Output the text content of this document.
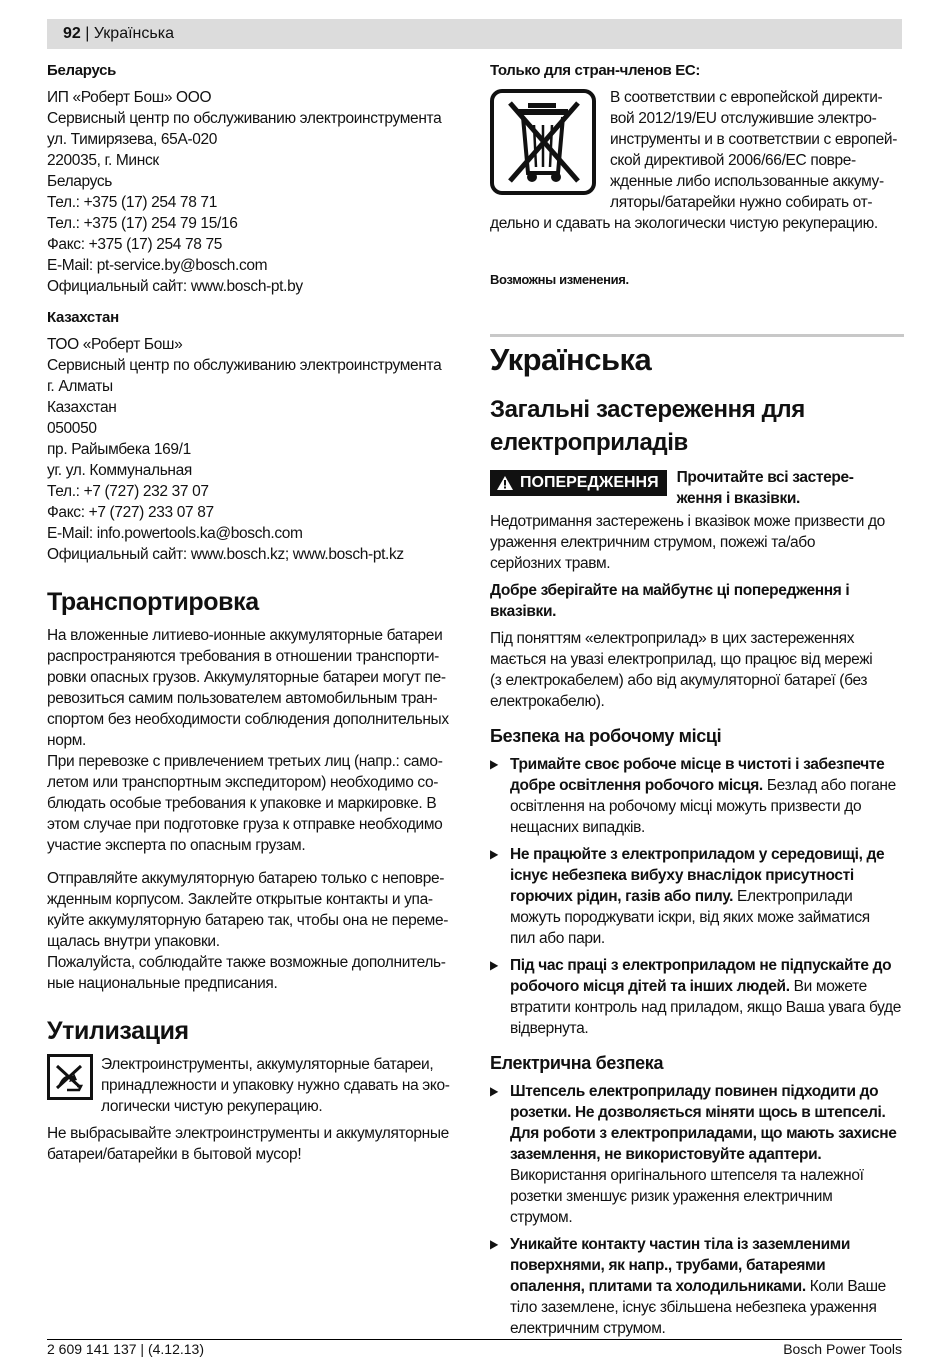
92 | Українська
Беларусь
ИП «Роберт Бош» ООО
Сервисный центр по обслуживанию электроинструмента
ул. Тимирязева, 65А-020
220035, г. Минск
Беларусь
Тел.: +375 (17) 254 78 71
Тел.: +375 (17) 254 79 15/16
Факс: +375 (17) 254 78 75
E-Mail: pt-service.by@bosch.com
Официальный сайт: www.bosch-pt.by
Казахстан
ТОО «Роберт Бош»
Сервисный центр по обслуживанию электроинструмента
г. Алматы
Казахстан
050050
пр. Райымбека 169/1
уг. ул. Коммунальная
Тел.: +7 (727) 232 37 07
Факс: +7 (727) 233 07 87
E-Mail: info.powertools.ka@bosch.com
Официальный сайт: www.bosch.kz; www.bosch-pt.kz
Транспортировка

На вложенные литиево-ионные аккумуляторные батареи
распространяются требования в отношении транспорти-
ровки опасных грузов. Аккумуляторные батареи могут пе-
ревозиться самим пользователем автомобильным тран-
спортом без необходимости соблюдения дополнительных
норм.
При перевозке с привлечением третьих лиц (напр.: само-
летом или транспортным экспедитором) необходимо со-
блюдать особые требования к упаковке и маркировке. В
этом случае при подготовке груза к отправке необходимо
участие эксперта по опасным грузам.

Отправляйте аккумуляторную батарею только с неповре-
жденным корпусом. Заклейте открытые контакты и упа-
куйте аккумуляторную батарею так, чтобы она не переме-
щалась внутри упаковки.
Пожалуйста, соблюдайте также возможные дополнитель-
ные национальные предписания.
Утилизация
Электроинструменты, аккумуляторные батареи,
принадлежности и упаковку нужно сдавать на эко-
логически чистую рекуперацию.
Не выбрасывайте электроинструменты и аккумуляторные
батареи/батарейки в бытовой мусор!
Только для стран-членов ЕС:
В соответствии с европейской директи-
вой 2012/19/EU отслужившие электро-
инструменты и в соответствии с европей-
ской директивой 2006/66/ЕС повре-
жденные либо использованные аккуму-
ляторы/батарейки нужно собирать от-
дельно и сдавать на экологически чистую рекуперацию.
Возможны изменения.
Українська
Загальні застереження для
електроприладів
ПОПЕРЕДЖЕННЯ Прочитайте всі застере-
ження і вказівки.
Недотримання застережень і вказівок може призвести до
ураження електричним струмом, пожежі та/або
серйозних травм.
Добре зберігайте на майбутнє ці попередження і
вказівки.
Під поняттям «електроприлад» в цих застереженнях
мається на увазі електроприлад, що працює від мережі
(з електрокабелем) або від акумуляторної батареї (без
електрокабелю).
Безпека на робочому місці
▶ Тримайте своє робоче місце в чистоті і забезпечте
добре освітлення робочого місця. Безлад або погане
освітлення на робочому місці можуть призвести до
нещасних випадків.
▶ Не працюйте з електроприладом у середовищі, де
існує небезпека вибуху внаслідок присутності
горючих рідин, газів або пилу. Електроприлади
можуть породжувати іскри, від яких може займатися
пил або пари.
▶ Під час праці з електроприладом не підпускайте до
робочого місця дітей та інших людей. Ви можете
втратити контроль над приладом, якщо Ваша увага буде
відвернута.
Електрична безпека
▶ Штепсель електроприладу повинен підходити до
розетки. Не дозволяється міняти щось в штепселі.
Для роботи з електроприладами, що мають захисне
заземлення, не використовуйте адаптери.
Використання оригінального штепселя та належної
розетки зменшує ризик ураження електричним
струмом.
▶ Уникайте контакту частин тіла із заземленими
поверхнями, як напр., трубами, батареями
опалення, плитами та холодильниками. Коли Ваше
тіло заземлене, існує збільшена небезпека ураження
електричним струмом.
2 609 141 137 | (4.12.13)	Bosch Power Tools
